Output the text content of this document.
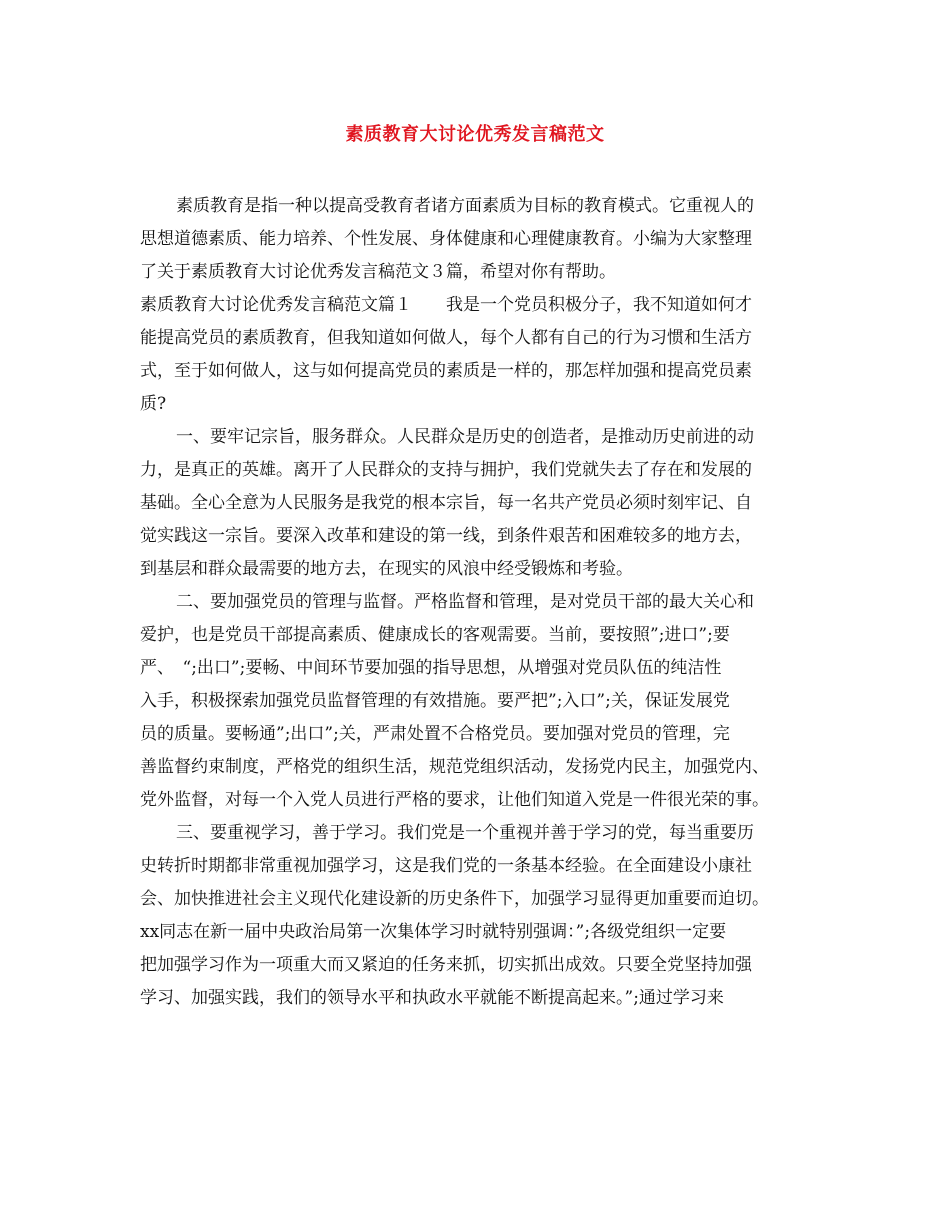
素质教育大讨论优秀发言稿范文
素质教育是指一种以提高受教育者诸方面素质为目标的教育模式。它重视人的
思想道德素质、能力培养、个性发展、身体健康和心理健康教育。小编为大家整理
了关于素质教育大讨论优秀发言稿范文３篇，希望对你有帮助。
素质教育大讨论优秀发言稿范文篇１　　我是一个党员积极分子，我不知道如何才
能提高党员的素质教育，但我知道如何做人，每个人都有自己的行为习惯和生活方
式，至于如何做人，这与如何提高党员的素质是一样的，那怎样加强和提高党员素
质?
一、要牢记宗旨，服务群众。人民群众是历史的创造者，是推动历史前进的动
力，是真正的英雄。离开了人民群众的支持与拥护，我们党就失去了存在和发展的
基础。全心全意为人民服务是我党的根本宗旨，每一名共产党员必须时刻牢记、自
觉实践这一宗旨。要深入改革和建设的第一线，到条件艰苦和困难较多的地方去，
到基层和群众最需要的地方去，在现实的风浪中经受锻炼和考验。
二、要加强党员的管理与监督。严格监督和管理，是对党员干部的最大关心和
爱护，也是党员干部提高素质、健康成长的客观需要。当前，要按照”;进口”;要
严、　“;出口”;要畅、中间环节要加强的指导思想，从增强对党员队伍的纯洁性
入手，积极探索加强党员监督管理的有效措施。要严把”;入口”;关，保证发展党
员的质量。要畅通”;出口”;关，严肃处置不合格党员。要加强对党员的管理，完
善监督约束制度，严格党的组织生活，规范党组织活动，发扬党内民主，加强党内、
党外监督，对每一个入党人员进行严格的要求，让他们知道入党是一件很光荣的事。
三、要重视学习，善于学习。我们党是一个重视并善于学习的党，每当重要历
史转折时期都非常重视加强学习，这是我们党的一条基本经验。在全面建设小康社
会、加快推进社会主义现代化建设新的历史条件下，加强学习显得更加重要而迫切。
xx同志在新一届中央政治局第一次集体学习时就特别强调：”;各级党组织一定要
把加强学习作为一项重大而又紧迫的任务来抓，切实抓出成效。只要全党坚持加强
学习、加强实践，我们的领导水平和执政水平就能不断提高起来。”;通过学习来
